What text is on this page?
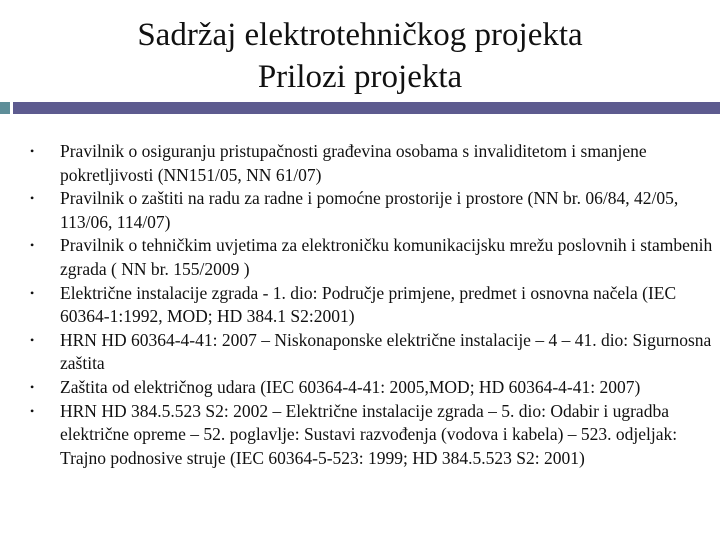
Sadržaj elektrotehničkog projekta
Prilozi projekta
• Pravilnik o osiguranju pristupačnosti građevina osobama s invaliditetom i smanjene pokretljivosti (NN151/05, NN 61/07)
• Pravilnik o zaštiti na radu za radne i pomoćne prostorije i prostore (NN br. 06/84, 42/05, 113/06, 114/07)
• Pravilnik o tehničkim uvjetima za elektroničku komunikacijsku mrežu poslovnih i stambenih zgrada ( NN br. 155/2009 )
• Električne instalacije zgrada - 1. dio: Područje primjene, predmet i osnovna načela (IEC 60364-1:1992, MOD; HD 384.1 S2:2001)
• HRN HD 60364-4-41: 2007 – Niskonaponske električne instalacije – 4 – 41. dio: Sigurnosna zaštita
• Zaštita od električnog udara (IEC 60364-4-41: 2005,MOD; HD 60364-4-41: 2007)
• HRN HD 384.5.523 S2: 2002 – Električne instalacije zgrada – 5. dio: Odabir i ugradba električne opreme – 52. poglavlje: Sustavi razvođenja (vodova i kabela) – 523. odjeljak: Trajno podnosive struje (IEC 60364-5-523: 1999; HD 384.5.523 S2: 2001)
